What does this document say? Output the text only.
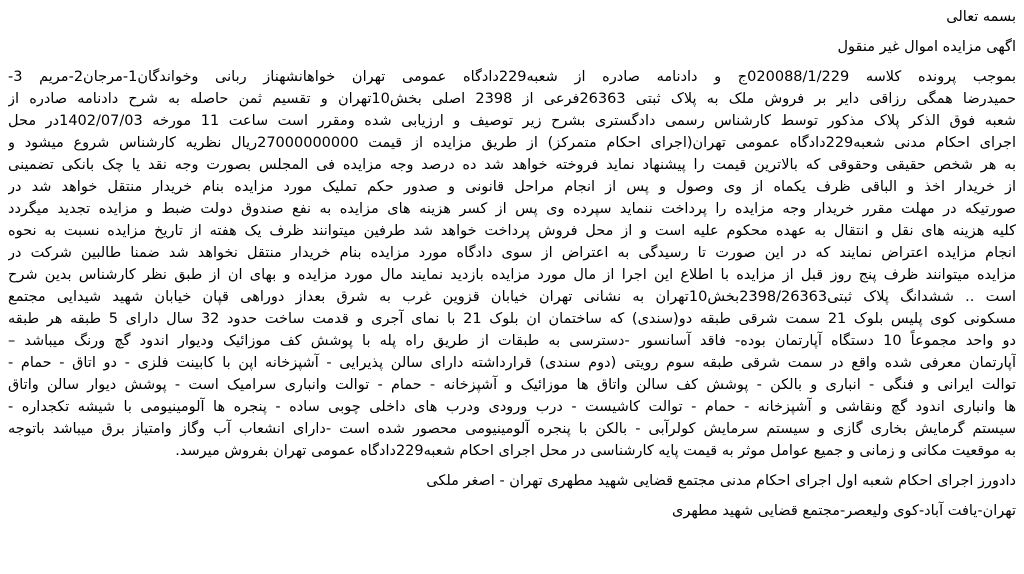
بسمه تعالی
اگهی مزایده اموال غیر منقول
بموجب پرونده کلاسه 020088/1/229ج و دادنامه صادره از شعبه229دادگاه عمومی تهران خواهانشهناز ربانی وخواندگان1-مرجان2-مریم 3-
حمیدرضا همگی رزاقی دایر بر فروش ملک به پلاک ثبتی 26363فرعی از 2398 اصلی بخش10تهران و تقسیم ثمن حاصله به شرح دادنامه صادره از
شعبه فوق الذکر پلاک مذکور توسط کارشناس رسمی دادگستری بشرح زیر توصیف و ارزیابی شده ومقرر است ساعت 11 مورخه 1402/07/03در محل
اجرای احکام مدنی شعبه229دادگاه عمومی تهران(اجرای احکام متمرکز) از طریق مزایده از قیمت 27000000000ریال نظریه کارشناس شروع میشود و
به هر شخص حقیقی وحقوقی که بالاترین قیمت را پیشنهاد نماید فروخته خواهد شد ده درصد وجه مزایده فی المجلس بصورت وجه نقد یا چک بانکی تضمینی
از خریدار اخذ و الباقی ظرف یکماه از وی وصول و پس از انجام مراحل قانونی و صدور حکم تملیک مورد مزایده بنام خریدار منتقل خواهد شد در
صورتیکه در مهلت مقرر خریدار وجه مزایده را پرداخت ننماید سپرده وی پس از کسر هزینه های مزایده به نفع صندوق دولت ضبط و مزایده تجدید میگردد
کلیه هزینه های نقل و انتقال به عهده محکوم علیه است و از محل فروش پرداخت خواهد شد طرفین میتوانند ظرف یک هفته از تاریخ مزایده نسبت به نحوه
انجام مزایده اعتراض نمایند که در این صورت تا رسیدگی به اعتراض از سوی دادگاه مورد مزایده بنام خریدار منتقل نخواهد شد ضمنا طالبین شرکت در
مزایده میتوانند ظرف پنج روز قبل از مزایده با اطلاع این اجرا از مال مورد مزایده بازدید نمایند مال مورد مزایده و بهای ان از طبق نظر کارشناس بدین شرح
است .. ششدانگ پلاک ثبتی2398/26363بخش10تهران به نشانی تهران خیابان قزوین غرب به شرق بعداز دوراهی قپان خیابان شهید شیدایی مجتمع
مسکونی کوی پلیس بلوک 21 سمت شرقی طبقه دو(سندی) که ساختمان ان بلوک 21 با نمای آجری و قدمت ساخت حدود 32 سال دارای 5 طبقه هر طبقه
دو واحد مجموعاً 10 دستگاه آپارتمان بوده- فاقد آسانسور -دسترسی به طبقات از طریق راه پله با پوشش کف موزائیک ودیوار اندود گچ ورنگ میباشد –
آپارتمان معرفی شده واقع در سمت شرقی طبقه سوم رویتی (دوم سندی) قرارداشته دارای سالن پذیرایی - آشپزخانه اپن با کابینت فلزی - دو اتاق - حمام -
توالت ایرانی و فنگی - انباری و بالکن - پوشش کف سالن واتاق ها موزائیک و آشپزخانه - حمام - توالت وانباری سرامیک است - پوشش دیوار سالن واتاق
ها وانباری اندود گچ ونقاشی و آشپزخانه - حمام - توالت کاشیست - درب ورودی ودرب های داخلی چوبی ساده - پنجره ها آلومینیومی با شیشه تکجداره -
سیستم گرمایش بخاری گازی و سیستم سرمایش کولرآبی - بالکن با پنجره آلومینیومی محصور شده است -دارای انشعاب آب وگاز وامتیاز برق میباشد باتوجه
به موقعیت مکانی و زمانی و جمیع عوامل موثر به قیمت پایه کارشناسی در محل اجرای احکام شعبه229دادگاه عمومی تهران بفروش میرسد.
دادورز اجرای احکام شعبه اول اجرای احکام مدنی مجتمع قضایی شهید مطهری تهران - اصغر ملکی
تهران-یافت آباد-کوی ولیعصر-مجتمع قضایی شهید مطهری
